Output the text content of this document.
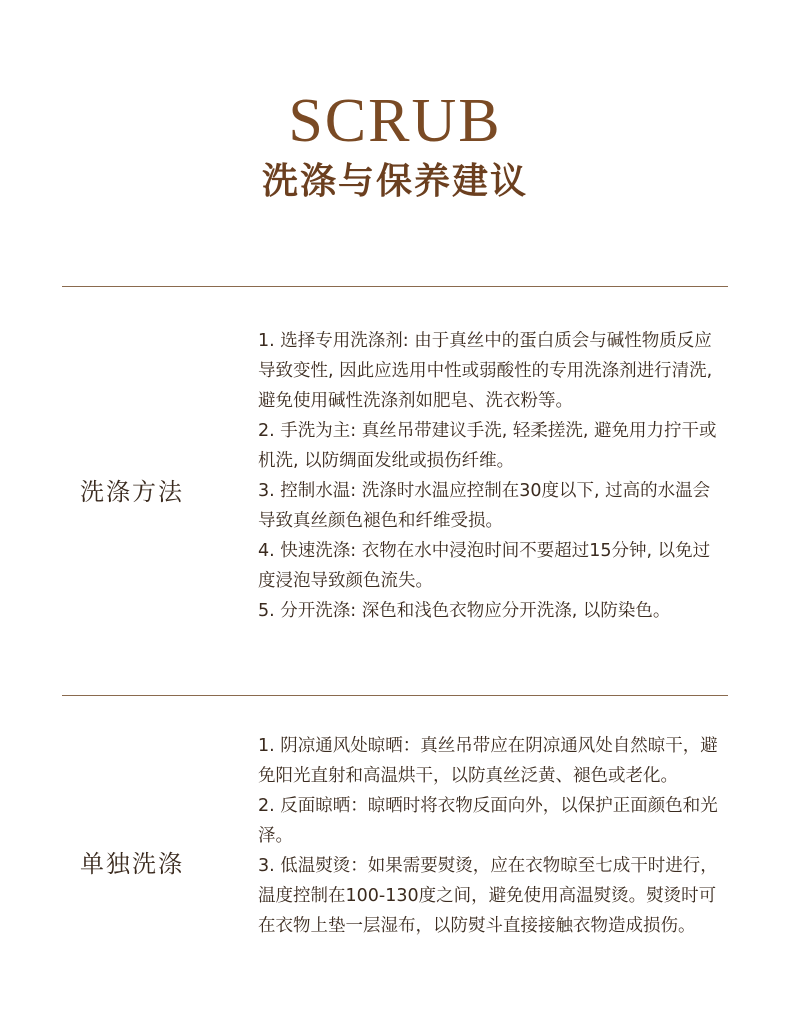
SCRUB
洗涤与保养建议
洗涤方法

1. 选择专用洗涤剂: 由于真丝中的蛋白质会与碱性物质反应导致变性, 因此应选用中性或弱酸性的专用洗涤剂进行清洗, 避免使用碱性洗涤剂如肥皂、洗衣粉等。

2. 手洗为主: 真丝吊带建议手洗, 轻柔搓洗, 避免用力拧干或机洗, 以防绸面发纰或损伤纤维。

3. 控制水温: 洗涤时水温应控制在30度以下, 过高的水温会导致真丝颜色褪色和纤维受损。

4. 快速洗涤: 衣物在水中浸泡时间不要超过15分钟, 以免过度浸泡导致颜色流失。

5. 分开洗涤: 深色和浅色衣物应分开洗涤, 以防染色。

单独洗涤

1. 阴凉通风处晾晒：真丝吊带应在阴凉通风处自然晾干，避免阳光直射和高温烘干，以防真丝泛黄、褪色或老化。

2. 反面晾晒：晾晒时将衣物反面向外，以保护正面颜色和光泽。

3. 低温熨烫：如果需要熨烫，应在衣物晾至七成干时进行，温度控制在100-130度之间，避免使用高温熨烫。熨烫时可在衣物上垫一层湿布，以防熨斗直接接触衣物造成损伤。
